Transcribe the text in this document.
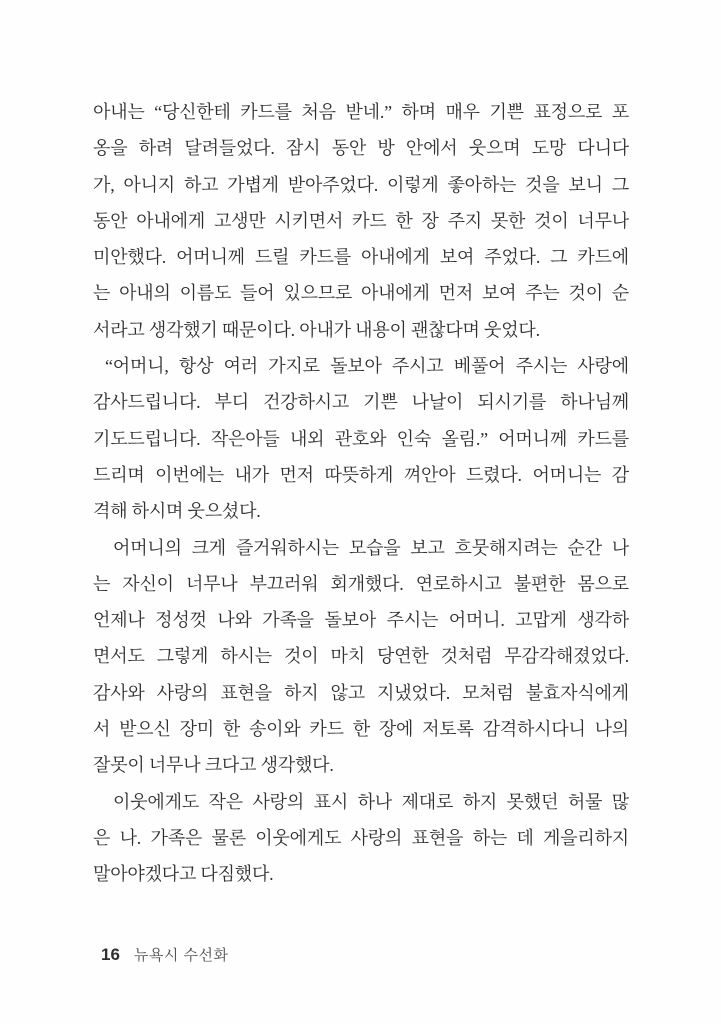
아내는 “당신한테 카드를 처음 받네.” 하며 매우 기쁜 표정으로 포
옹을 하려 달려들었다. 잠시 동안 방 안에서 웃으며 도망 다니다
가, 아니지 하고 가볍게 받아주었다. 이렇게 좋아하는 것을 보니 그
동안 아내에게 고생만 시키면서 카드 한 장 주지 못한 것이 너무나
미안했다. 어머니께 드릴 카드를 아내에게 보여 주었다. 그 카드에
는 아내의 이름도 들어 있으므로 아내에게 먼저 보여 주는 것이 순
서라고 생각했기 때문이다. 아내가 내용이 괜찮다며 웃었다.
“어머니, 항상 여러 가지로 돌보아 주시고 베풀어 주시는 사랑에
감사드립니다. 부디 건강하시고 기쁜 나날이 되시기를 하나님께
기도드립니다. 작은아들 내외 관호와 인숙 올림.” 어머니께 카드를
드리며 이번에는 내가 먼저 따뜻하게 껴안아 드렸다. 어머니는 감
격해 하시며 웃으셨다.
어머니의 크게 즐거워하시는 모습을 보고 흐뭇해지려는 순간 나
는 자신이 너무나 부끄러워 회개했다. 연로하시고 불편한 몸으로
언제나 정성껏 나와 가족을 돌보아 주시는 어머니. 고맙게 생각하
면서도 그렇게 하시는 것이 마치 당연한 것처럼 무감각해졌었다.
감사와 사랑의 표현을 하지 않고 지냈었다. 모처럼 불효자식에게
서 받으신 장미 한 송이와 카드 한 장에 저토록 감격하시다니 나의
잘못이 너무나 크다고 생각했다.
이웃에게도 작은 사랑의 표시 하나 제대로 하지 못했던 허물 많
은 나. 가족은 물론 이웃에게도 사랑의 표현을 하는 데 게을리하지
말아야겠다고 다짐했다.
16 뉴욕시 수선화
